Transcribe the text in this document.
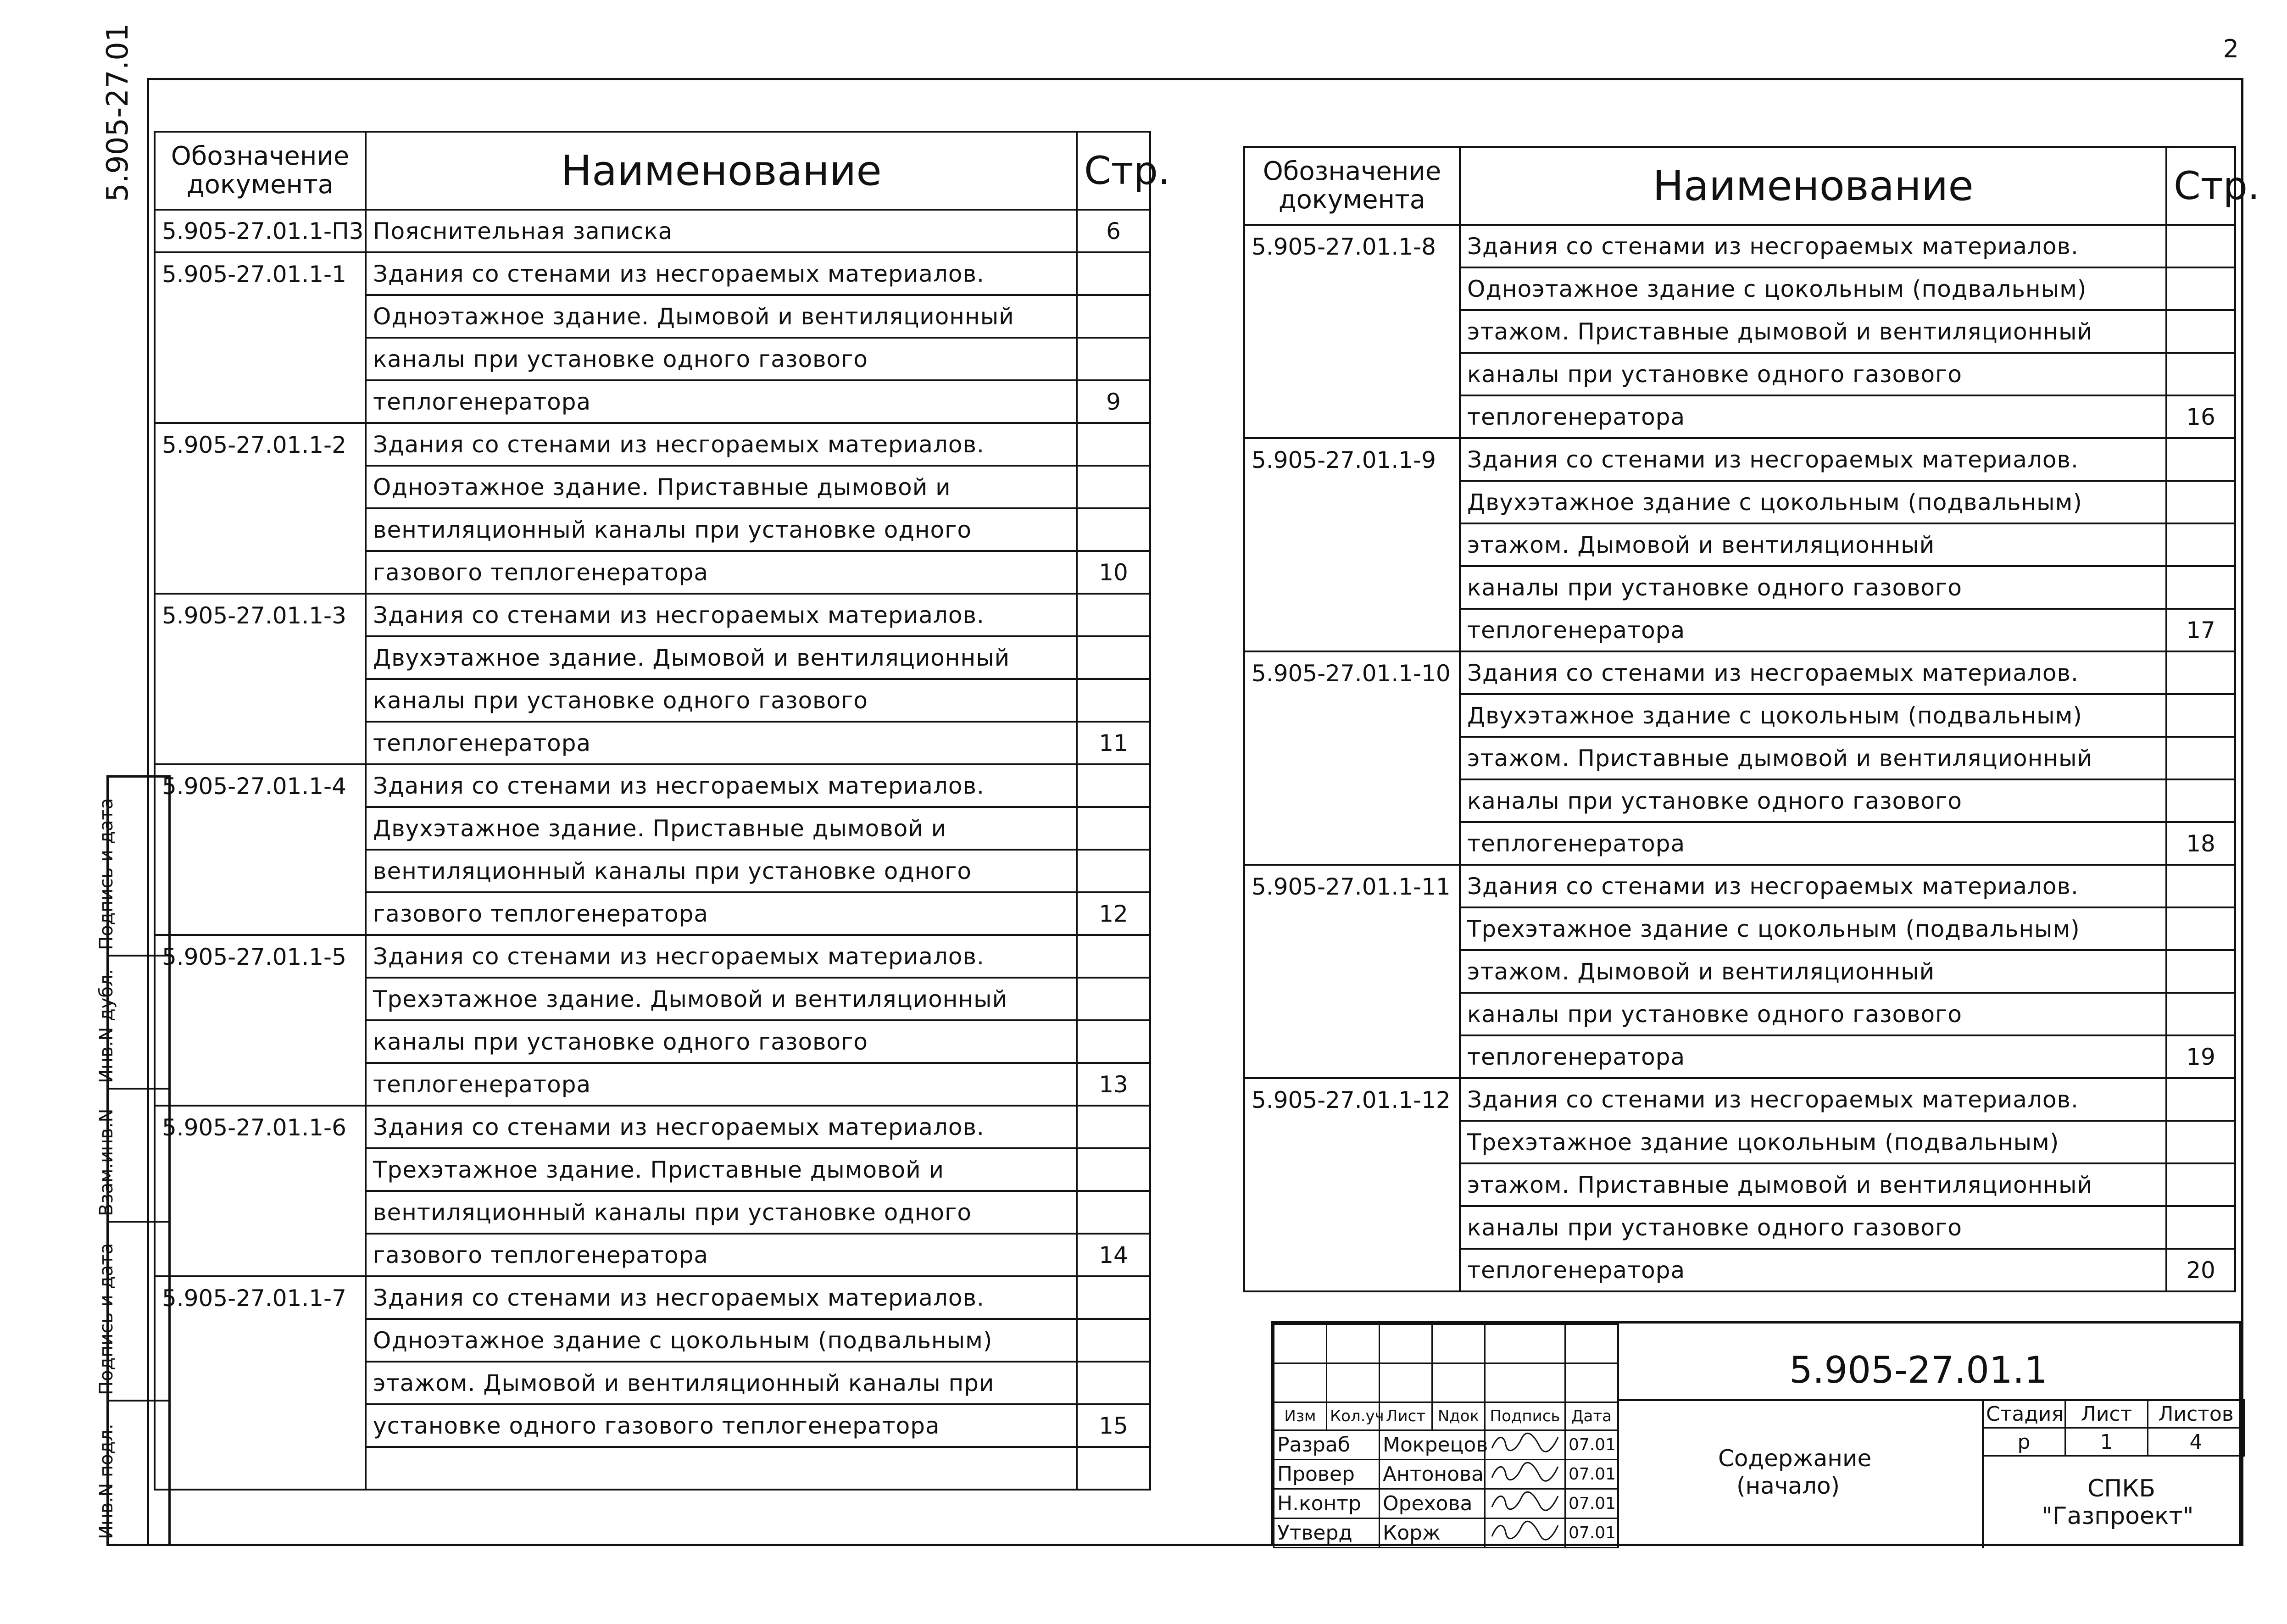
2
5.905-27.01
Подпись и дата
Инв.N дубл.
Взам.инв.N
Подпись и дата
Инв.N подл.
Обозначение документа	Наименование	Стр.
5.905-27.01.1-П3	Пояснительная записка	6
5.905-27.01.1-1	Здания со стенами из несгораемых материалов.	
	Одноэтажное здание. Дымовой и вентиляционный	
	каналы при установке одного газового	
	теплогенератора	9
5.905-27.01.1-2	Здания со стенами из несгораемых материалов.	
	Одноэтажное здание. Приставные дымовой и	
	вентиляционный каналы при установке одного	
	газового теплогенератора	10
5.905-27.01.1-3	Здания со стенами из несгораемых материалов.	
	Двухэтажное здание. Дымовой и вентиляционный	
	каналы при установке одного газового	
	теплогенератора	11
5.905-27.01.1-4	Здания со стенами из несгораемых материалов.	
	Двухэтажное здание. Приставные дымовой и	
	вентиляционный каналы при установке одного	
	газового теплогенератора	12
5.905-27.01.1-5	Здания со стенами из несгораемых материалов.	
	Трехэтажное здание. Дымовой и вентиляционный	
	каналы при установке одного газового	
	теплогенератора	13
5.905-27.01.1-6	Здания со стенами из несгораемых материалов.	
	Трехэтажное здание. Приставные дымовой и	
	вентиляционный каналы при установке одного	
	газового теплогенератора	14
5.905-27.01.1-7	Здания со стенами из несгораемых материалов.	
	Одноэтажное здание с цокольным (подвальным)	
	этажом. Дымовой и вентиляционный каналы при	
	установке одного газового теплогенератора	15

Обозначение документа	Наименование	Стр.
5.905-27.01.1-8	Здания со стенами из несгораемых материалов.	
	Одноэтажное здание с цокольным (подвальным)	
	этажом. Приставные дымовой и вентиляционный	
	каналы при установке одного газового	
	теплогенератора	16
5.905-27.01.1-9	Здания со стенами из несгораемых материалов.	
	Двухэтажное здание с цокольным (подвальным)	
	этажом. Дымовой и вентиляционный	
	каналы при установке одного газового	
	теплогенератора	17
5.905-27.01.1-10	Здания со стенами из несгораемых материалов.	
	Двухэтажное здание с цокольным (подвальным)	
	этажом. Приставные дымовой и вентиляционный	
	каналы при установке одного газового	
	теплогенератора	18
5.905-27.01.1-11	Здания со стенами из несгораемых материалов.	
	Трехэтажное здание с цокольным (подвальным)	
	этажом. Дымовой и вентиляционный	
	каналы при установке одного газового	
	теплогенератора	19
5.905-27.01.1-12	Здания со стенами из несгораемых материалов.	
	Трехэтажное здание цокольным (подвальным)	
	этажом. Приставные дымовой и вентиляционный	
	каналы при установке одного газового	
	теплогенератора	20

Изм	Кол.уч	Лист	Nдок	Подпись	Дата
Разраб		Мокрецов			07.01
Провер		Антонова			07.01
Н.контр		Орехова			07.01
Утверд		Корж			07.01
5.905-27.01.1
Содержание
(начало)
Стадия	Лист	Листов
р	1	4
СПКБ
"Газпроект"
